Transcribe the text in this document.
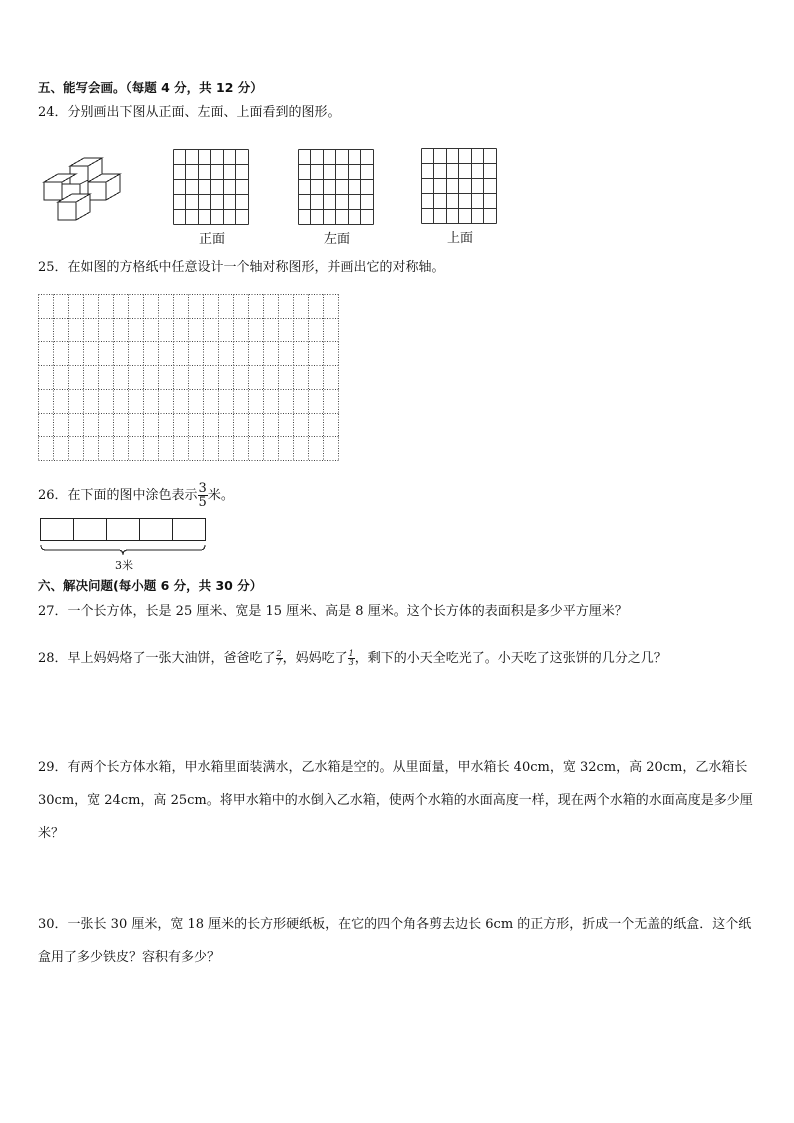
五、能写会画。（每题 4 分，共 12 分）
24．分别画出下图从正面、左面、上面看到的图形。
正面	左面	上面
25．在如图的方格纸中任意设计一个轴对称图形，并画出它的对称轴。
26．在下面的图中涂色表示 $\frac{3}{5}$ 米。
3米
六、解决问题(每小题 6 分，共 30 分）
27．一个长方体，长是 25 厘米、宽是 15 厘米、高是 8 厘米。这个长方体的表面积是多少平方厘米？
28．早上妈妈烙了一张大油饼，爸爸吃了 $\frac{2}{7}$ ，妈妈吃了 $\frac{1}{3}$ ，剩下的小天全吃光了。小天吃了这张饼的几分之几？
29．有两个长方体水箱，甲水箱里面装满水，乙水箱是空的。从里面量，甲水箱长 40cm，宽 32cm，高 20cm，乙水箱长 30cm，宽 24cm，高 25cm。将甲水箱中的水倒入乙水箱，使两个水箱的水面高度一样，现在两个水箱的水面高度是多少厘米？
30．一张长 30 厘米，宽 18 厘米的长方形硬纸板，在它的四个角各剪去边长 6cm 的正方形，折成一个无盖的纸盒．这个纸盒用了多少铁皮？容积有多少？
